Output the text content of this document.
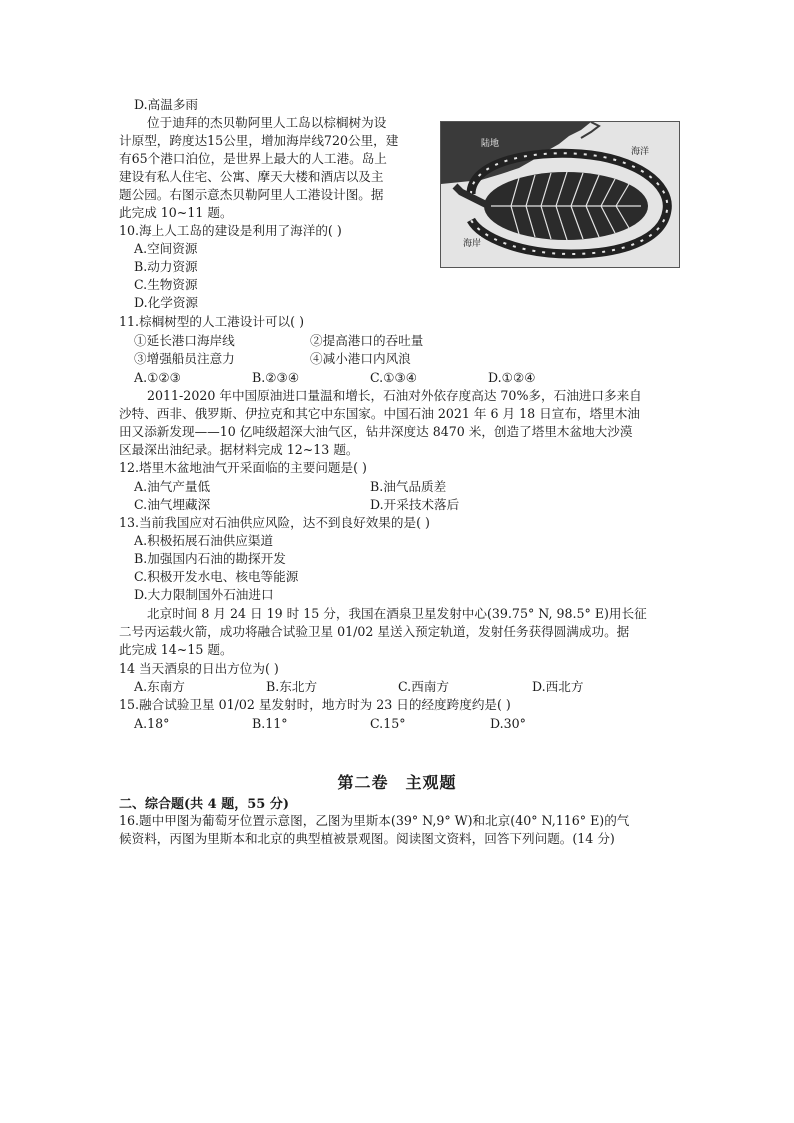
D.高温多雨
位于迪拜的杰贝勒阿里人工岛以棕榈树为设
计原型，跨度达15公里，增加海岸线720公里，建
有65个港口泊位，是世界上最大的人工港。岛上
建设有私人住宅、公寓、摩天大楼和酒店以及主
题公园。右图示意杰贝勒阿里人工港设计图。据
此完成 10~11 题。
陆地
海洋
海岸
10.海上人工岛的建设是利用了海洋的( )
A.空间资源
B.动力资源
C.生物资源
D.化学资源
11.棕榈树型的人工港设计可以( )
①延长港口海岸线	②提高港口的吞吐量
③增强船员注意力	④减小港口内风浪
A.①②③	B.②③④	C.①③④	D.①②④
2011-2020 年中国原油进口量温和增长，石油对外依存度高达 70%多，石油进口多来自
沙特、西非、俄罗斯、伊拉克和其它中东国家。中国石油 2021 年 6 月 18 日宣布，塔里木油
田又添新发现——10 亿吨级超深大油气区，钻井深度达 8470 米，创造了塔里木盆地大沙漠
区最深出油纪录。据材料完成 12~13 题。
12.塔里木盆地油气开采面临的主要问题是( )
A.油气产量低	B.油气品质差
C.油气埋藏深	D.开采技术落后
13.当前我国应对石油供应风险，达不到良好效果的是( )
A.积极拓展石油供应渠道
B.加强国内石油的勘探开发
C.积极开发水电、核电等能源
D.大力限制国外石油进口
北京时间 8 月 24 日 19 时 15 分，我国在酒泉卫星发射中心(39.75° N, 98.5° E)用长征
二号丙运载火箭，成功将融合试验卫星 01/02 星送入预定轨道，发射任务获得圆满成功。据
此完成 14~15 题。
14 当天酒泉的日出方位为( )
A.东南方	B.东北方	C.西南方	D.西北方
15.融合试验卫星 01/02 星发射时，地方时为 23 日的经度跨度约是( )
A.18°	B.11°	C.15°	D.30°
第二卷　主观题
二、综合题(共 4 题，55 分)
16.题中甲图为葡萄牙位置示意图，乙图为里斯本(39° N,9° W)和北京(40° N,116° E)的气
候资料，丙图为里斯本和北京的典型植被景观图。阅读图文资料，回答下列问题。(14 分)
